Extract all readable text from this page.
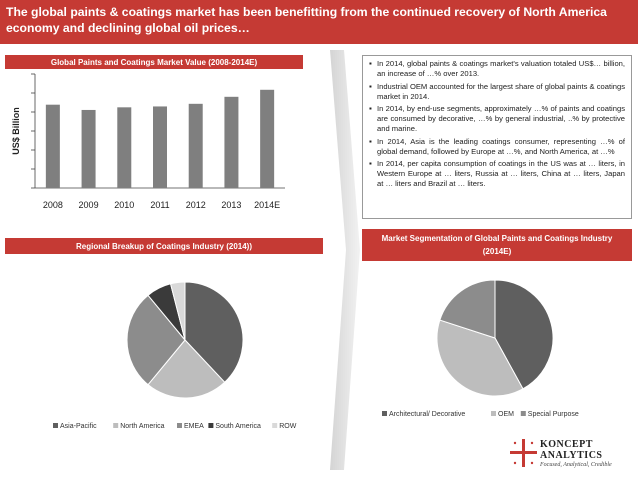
The global paints & coatings market has been benefitting from the continued recovery of North America economy and declining global oil prices…
Global Paints and Coatings Market Value (2008-2014E)
2008 2009 2010 2011 2012 2013 2014E
US$ Billion
Regional Breakup of Coatings Industry (2014))
Asia-Pacific	North America	EMEA South America	ROW
▪ In 2014, global paints & coatings market's valuation totaled US$… billion, an increase of …% over 2013.
▪ Industrial OEM accounted for the largest share of global paints & coatings market in 2014.
▪ In 2014, by end-use segments, approximately …% of paints and coatings are consumed by decorative, …% by general industrial, ..% by protective and marine.
▪ In 2014, Asia is the leading coatings consumer, representing …% of global demand, followed by Europe at …%, and North America, at …%
▪ In 2014, per capita consumption of coatings in the US was at … liters, in Western Europe at … liters, Russia at … liters, China at … liters, Japan at … liters and Brazil at … liters.
Market Segmentation of Global Paints and Coatings Industry
(2014E)
Architectural/ Decorative	OEM Special Purpose
KONCEPT
ANALYTICS
Focused, Analytical, Credible
